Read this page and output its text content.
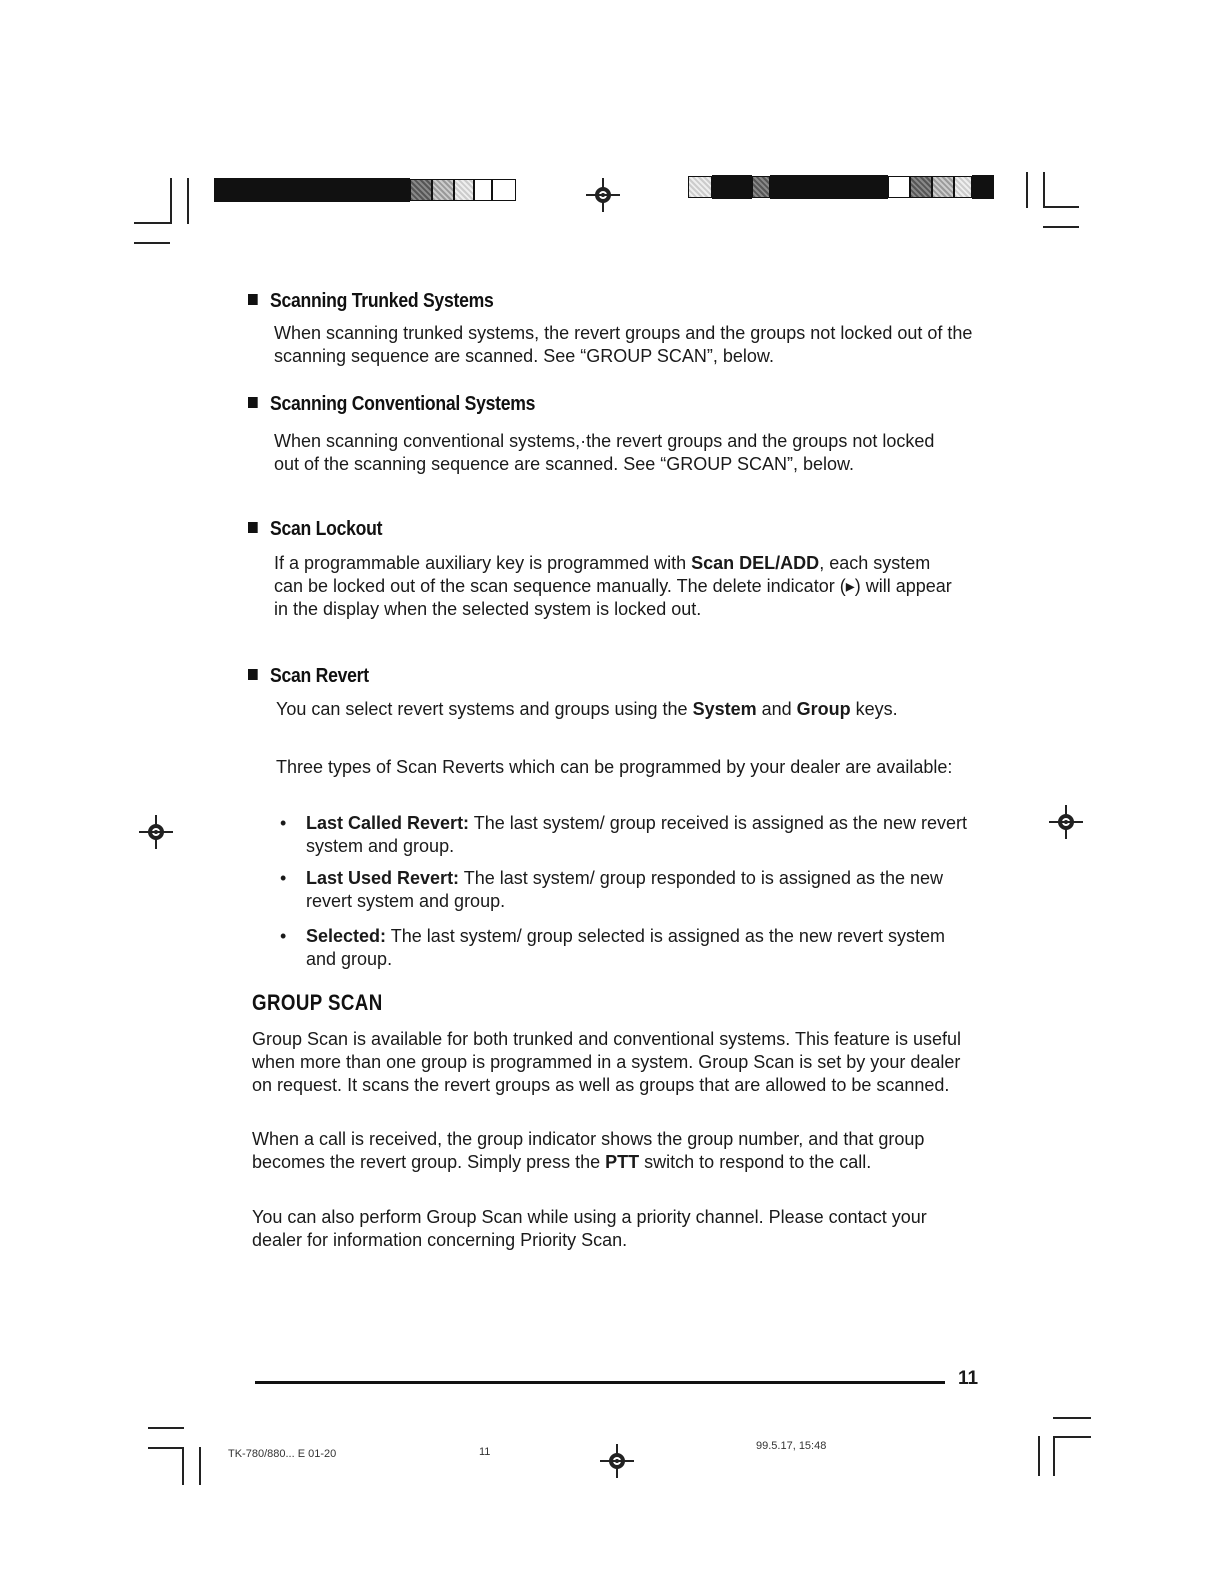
Scanning Trunked Systems
When scanning trunked systems, the revert groups and the groups not locked out of the scanning sequence are scanned. See “GROUP SCAN”, below.
Scanning Conventional Systems
When scanning conventional systems,·the revert groups and the groups not locked out of the scanning sequence are scanned. See “GROUP SCAN”, below.
Scan Lockout
If a programmable auxiliary key is programmed with Scan DEL/ADD, each system can be locked out of the scan sequence manually. The delete indicator (▸) will appear in the display when the selected system is locked out.
Scan Revert
You can select revert systems and groups using the System and Group keys.
Three types of Scan Reverts which can be programmed by your dealer are available:
• Last Called Revert: The last system/ group received is assigned as the new revert system and group.
• Last Used Revert: The last system/ group responded to is assigned as the new revert system and group.
• Selected: The last system/ group selected is assigned as the new revert system and group.
GROUP SCAN
Group Scan is available for both trunked and conventional systems. This feature is useful when more than one group is programmed in a system. Group Scan is set by your dealer on request. It scans the revert groups as well as groups that are allowed to be scanned.
When a call is received, the group indicator shows the group number, and that group becomes the revert group. Simply press the PTT switch to respond to the call.
You can also perform Group Scan while using a priority channel. Please contact your dealer for information concerning Priority Scan.
11
TK-780/880... E 01-20	11	99.5.17, 15:48
